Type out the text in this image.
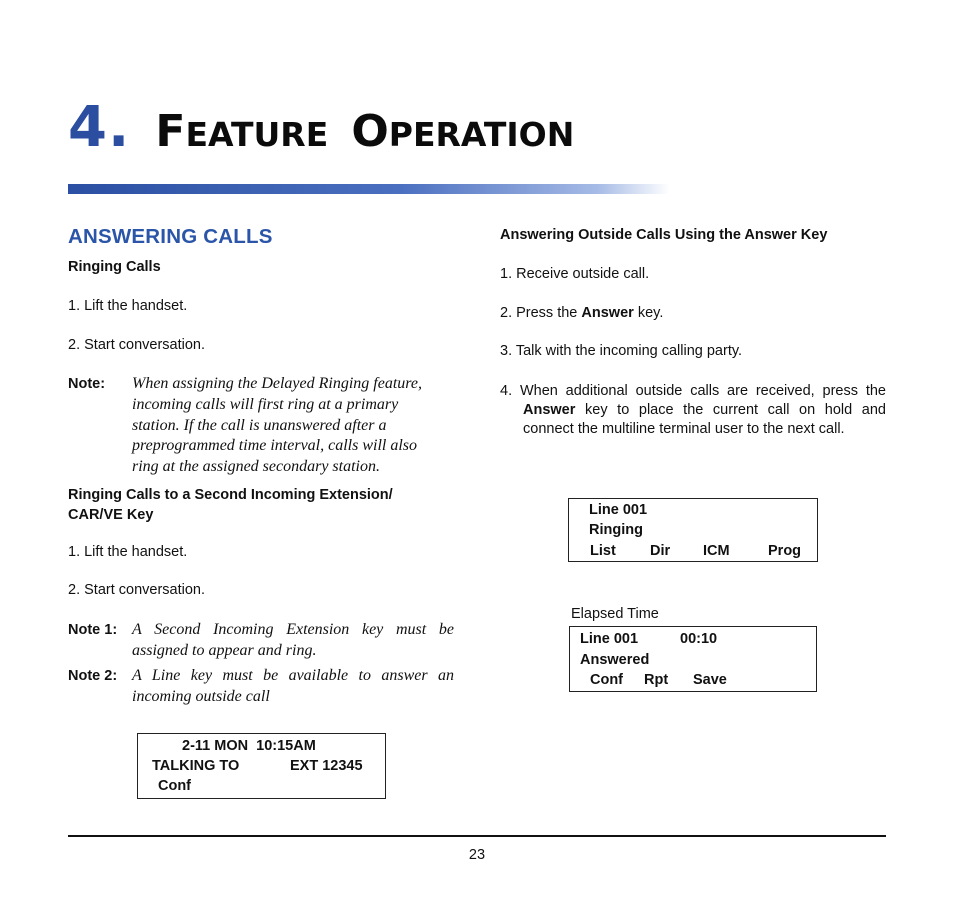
4. FEATURE OPERATION
ANSWERING CALLS

Ringing Calls

1. Lift the handset.

2. Start conversation.

Note: When assigning the Delayed Ringing feature,
incoming calls will first ring at a primary
station. If the call is unanswered after a
preprogrammed time interval, calls will also
ring at the assigned secondary station.
Ringing Calls to a Second Incoming Extension/
CAR/VE Key

1. Lift the handset.

2. Start conversation.

Note 1: A Second Incoming Extension key must be assigned to appear and ring.
Note 2: A Line key must be available to answer an incoming outside call
2-11 MON  10:15AM
TALKING TO	EXT 12345
Conf

Answering Outside Calls Using the Answer Key

1. Receive outside call.

2. Press the Answer key.

3. Talk with the incoming calling party.

4. When additional outside calls are received, press the Answer key to place the current call on hold and connect the multiline terminal user to the next call.

Line 001
Ringing
List Dir ICM	Prog
Elapsed Time
Line 001	00:10
Answered
Conf Rpt Save
23
